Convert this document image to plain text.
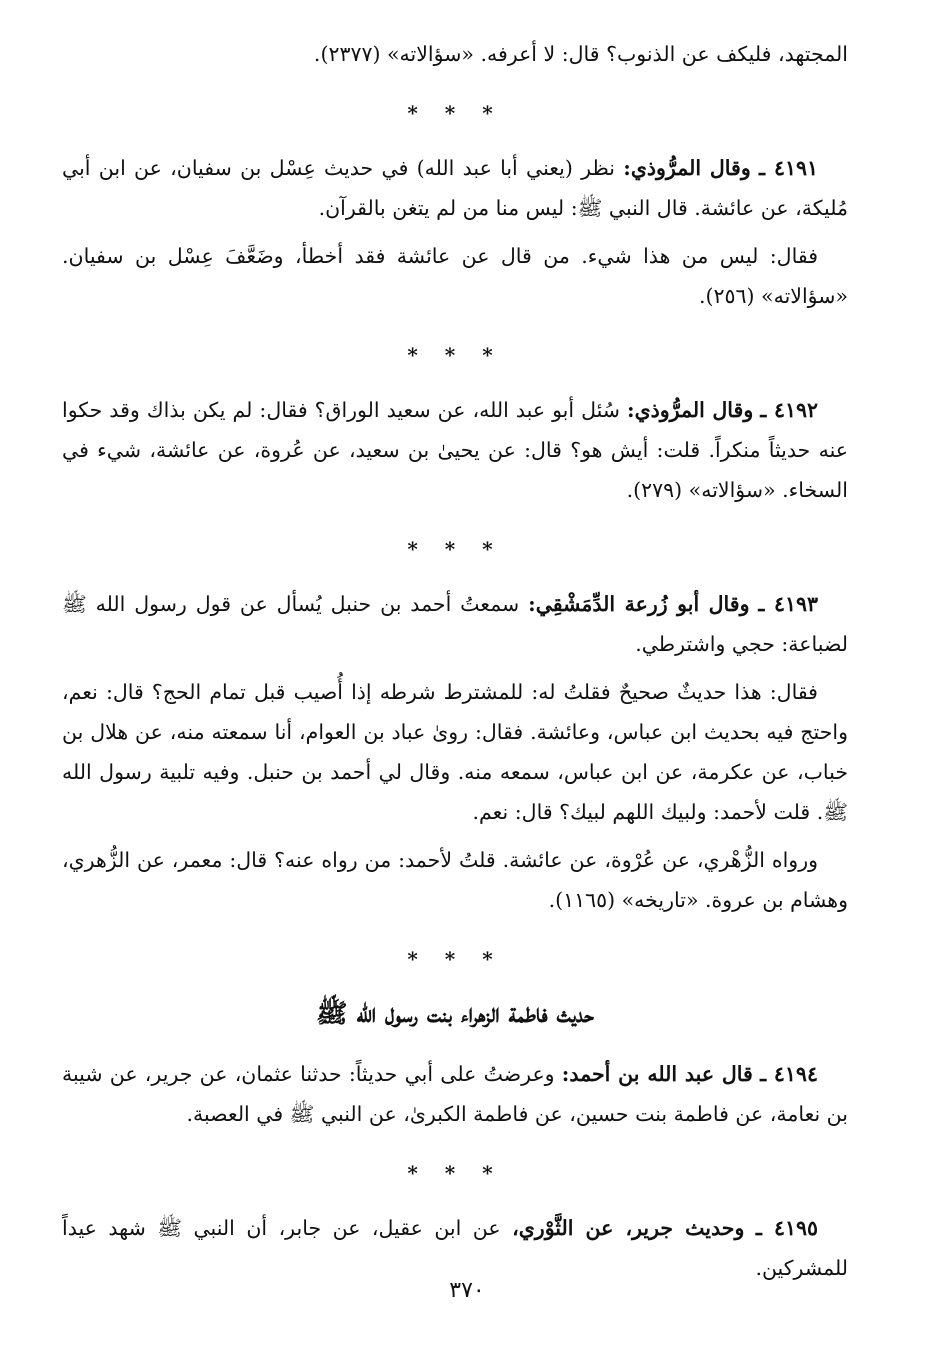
المجتهد، فليكف عن الذنوب؟ قال: لا أعرفه. «سؤالاته» (٢٣٧٧).

* * *

٤١٩١ ـ وقال المرُّوذي: نظر (يعني أبا عبد الله) في حديث عِسْل بن سفيان، عن ابن أبي مُليكة، عن عائشة. قال النبي ﷺ: ليس منا من لم يتغن بالقرآن.

فقال: ليس من هذا شيء. من قال عن عائشة فقد أخطأ، وضَعَّفَ عِسْل بن سفيان. «سؤالاته» (٢٥٦).

* * *

٤١٩٢ ـ وقال المرُّوذي: سُئل أبو عبد الله، عن سعيد الوراق؟ فقال: لم يكن بذاك وقد حكوا عنه حديثاً منكراً. قلت: أيش هو؟ قال: عن يحيىٰ بن سعيد، عن عُروة، عن عائشة، شيء في السخاء. «سؤالاته» (٢٧٩).

* * *

٤١٩٣ ـ وقال أبو زُرعة الدِّمَشْقِي: سمعتُ أحمد بن حنبل يُسأل عن قول رسول الله ﷺ لضباعة: حجي واشترطي.

فقال: هذا حديثٌ صحيحٌ فقلتُ له: للمشترط شرطه إذا أُصيب قبل تمام الحج؟ قال: نعم، واحتج فيه بحديث ابن عباس، وعائشة. فقال: روىٰ عباد بن العوام، أنا سمعته منه، عن هلال بن خباب، عن عكرمة، عن ابن عباس، سمعه منه. وقال لي أحمد بن حنبل. وفيه تلبية رسول الله ﷺ. قلت لأحمد: ولبيك اللهم لبيك؟ قال: نعم.

ورواه الزُّهْري، عن عُرْوة، عن عائشة. قلتُ لأحمد: من رواه عنه؟ قال: معمر، عن الزُّهري، وهشام بن عروة. «تاريخه» (١١٦٥).

* * *
حديث فاطمة الزهراء بنت رسول الله ﷺ

٤١٩٤ ـ قال عبد الله بن أحمد: وعرضتُ على أبي حديثاً: حدثنا عثمان، عن جرير، عن شيبة بن نعامة، عن فاطمة بنت حسين، عن فاطمة الكبرىٰ، عن النبي ﷺ في العصبة.

* * *

٤١٩٥ ـ وحديث جرير، عن الثَّوْري، عن ابن عقيل، عن جابر، أن النبي ﷺ شهد عيداً للمشركين.

٣٧٠
